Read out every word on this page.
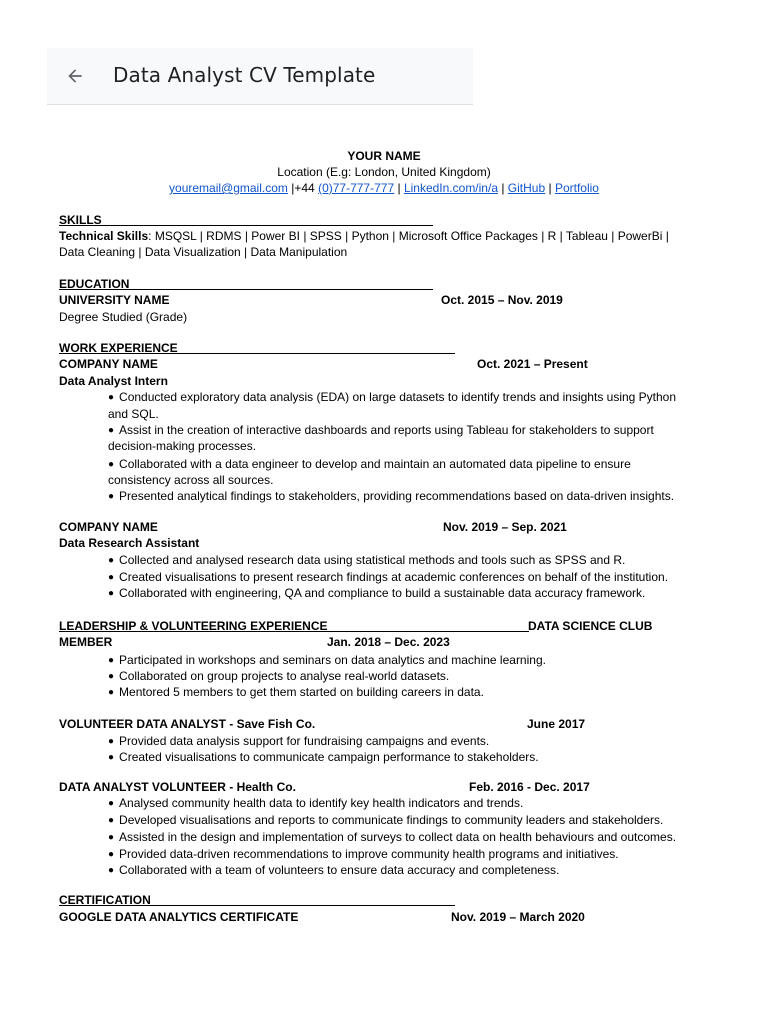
Data Analyst CV Template
YOUR NAME
Location (E.g: London, United Kingdom)
youremail@gmail.com |+44 (0)77-777-777 | LinkedIn.com/in/a | GitHub | Portfolio
SKILLS
Technical Skills: MSQSL | RDMS | Power BI | SPSS | Python | Microsoft Office Packages | R | Tableau | PowerBi |
Data Cleaning | Data Visualization | Data Manipulation
EDUCATION
UNIVERSITY NAME	Oct. 2015 – Nov. 2019
Degree Studied (Grade)
WORK EXPERIENCE
COMPANY NAME	Oct. 2021 – Present
Data Analyst Intern
● Conducted exploratory data analysis (EDA) on large datasets to identify trends and insights using Python
and SQL.
● Assist in the creation of interactive dashboards and reports using Tableau for stakeholders to support
decision-making processes.
● Collaborated with a data engineer to develop and maintain an automated data pipeline to ensure
consistency across all sources.
● Presented analytical findings to stakeholders, providing recommendations based on data-driven insights.
COMPANY NAME	Nov. 2019 – Sep. 2021
Data Research Assistant
● Collected and analysed research data using statistical methods and tools such as SPSS and R.
● Created visualisations to present research findings at academic conferences on behalf of the institution.
● Collaborated with engineering, QA and compliance to build a sustainable data accuracy framework.
LEADERSHIP & VOLUNTEERING EXPERIENCE	DATA SCIENCE CLUB
MEMBER	Jan. 2018 – Dec. 2023
● Participated in workshops and seminars on data analytics and machine learning.
● Collaborated on group projects to analyse real-world datasets.
● Mentored 5 members to get them started on building careers in data.
VOLUNTEER DATA ANALYST - Save Fish Co.	June 2017
● Provided data analysis support for fundraising campaigns and events.
● Created visualisations to communicate campaign performance to stakeholders.
DATA ANALYST VOLUNTEER - Health Co.	Feb. 2016 - Dec. 2017
● Analysed community health data to identify key health indicators and trends.
● Developed visualisations and reports to communicate findings to community leaders and stakeholders.
● Assisted in the design and implementation of surveys to collect data on health behaviours and outcomes.
● Provided data-driven recommendations to improve community health programs and initiatives.
● Collaborated with a team of volunteers to ensure data accuracy and completeness.
CERTIFICATION
GOOGLE DATA ANALYTICS CERTIFICATE	Nov. 2019 – March 2020
